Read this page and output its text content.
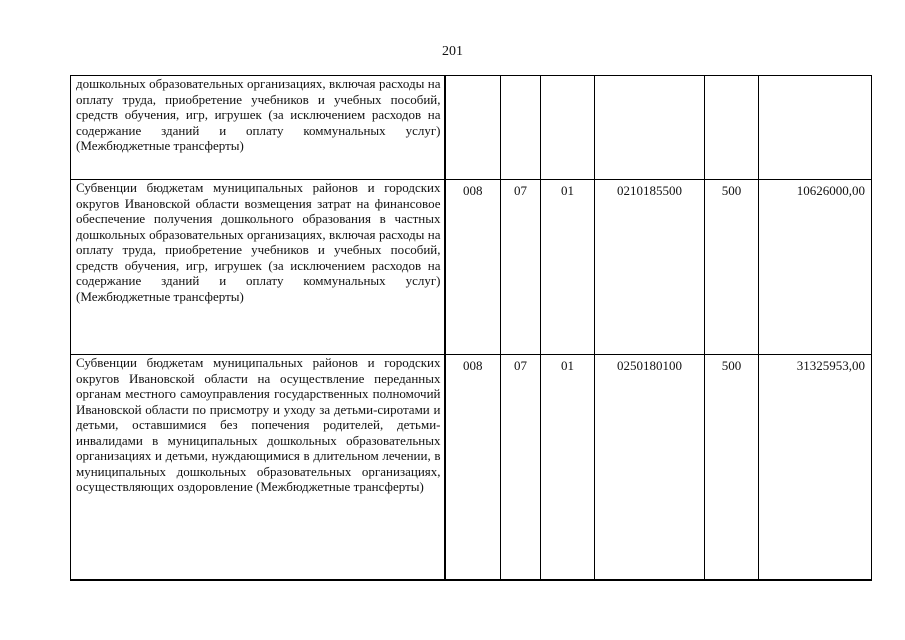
201
дошкольных образовательных организациях, включая расходы на оплату труда, приобретение учебников и учебных пособий, средств обучения, игр, игрушек (за исключением расходов на содержание зданий и оплату коммунальных услуг) (Межбюджетные трансферты)						
Субвенции бюджетам муниципальных районов и городских округов Ивановской области возмещения затрат на финансовое обеспечение получения дошкольного образования в частных дошкольных образовательных организациях, включая расходы на оплату труда, приобретение учебников и учебных пособий, средств обучения, игр, игрушек (за исключением расходов на содержание зданий и оплату коммунальных услуг) (Межбюджетные трансферты)	008	07	01	0210185500	500	10626000,00
Субвенции бюджетам муниципальных районов и городских округов Ивановской области на осуществление переданных органам местного самоуправления государственных полномочий Ивановской области по присмотру и уходу за детьми-сиротами и детьми, оставшимися без попечения родителей, детьми-инвалидами в муниципальных дошкольных образовательных организациях и детьми, нуждающимися в длительном лечении, в муниципальных дошкольных образовательных организациях, осуществляющих оздоровление (Межбюджетные трансферты)	008	07	01	0250180100	500	31325953,00
